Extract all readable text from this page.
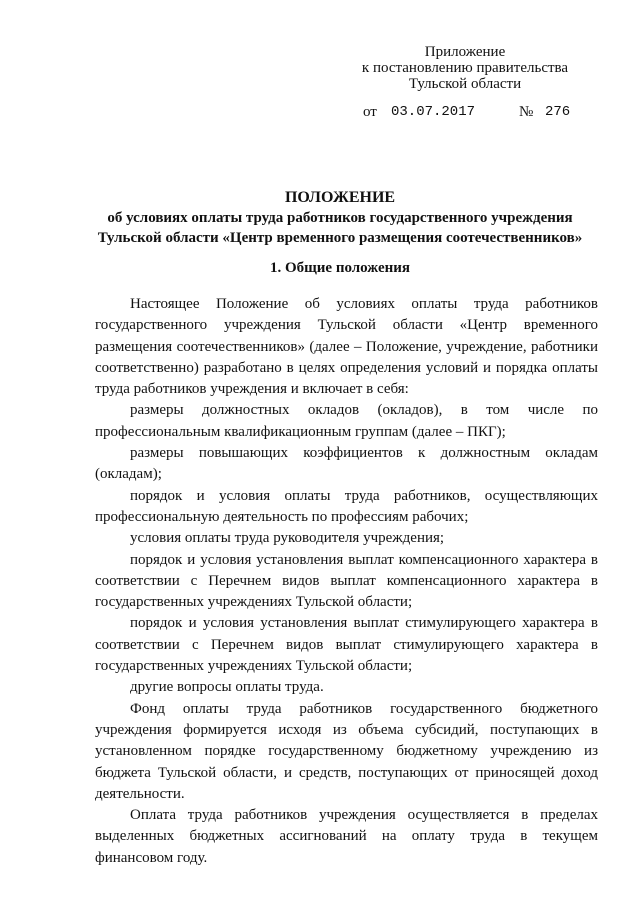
Приложение
к постановлению правительства
Тульской области
от 03.07.2017	№ 276
ПОЛОЖЕНИЕ
об условиях оплаты труда работников государственного учреждения
Тульской области «Центр временного размещения соотечественников»
1. Общие положения

Настоящее Положение об условиях оплаты труда работников государственного учреждения Тульской области «Центр временного размещения соотечественников» (далее – Положение, учреждение, работники соответственно) разработано в целях определения условий и порядка оплаты труда работников учреждения и включает в себя:

размеры должностных окладов (окладов), в том числе по профессиональным квалификационным группам (далее – ПКГ);

размеры повышающих коэффициентов к должностным окладам (окладам);

порядок и условия оплаты труда работников, осуществляющих профессиональную деятельность по профессиям рабочих;

условия оплаты труда руководителя учреждения;

порядок и условия установления выплат компенсационного характера в соответствии с Перечнем видов выплат компенсационного характера в государственных учреждениях Тульской области;

порядок и условия установления выплат стимулирующего характера в соответствии с Перечнем видов выплат стимулирующего характера в государственных учреждениях Тульской области;

другие вопросы оплаты труда.

Фонд оплаты труда работников государственного бюджетного учреждения формируется исходя из объема субсидий, поступающих в установленном порядке государственному бюджетному учреждению из бюджета Тульской области, и средств, поступающих от приносящей доход деятельности.

Оплата труда работников учреждения осуществляется в пределах выделенных бюджетных ассигнований на оплату труда в текущем финансовом году.
